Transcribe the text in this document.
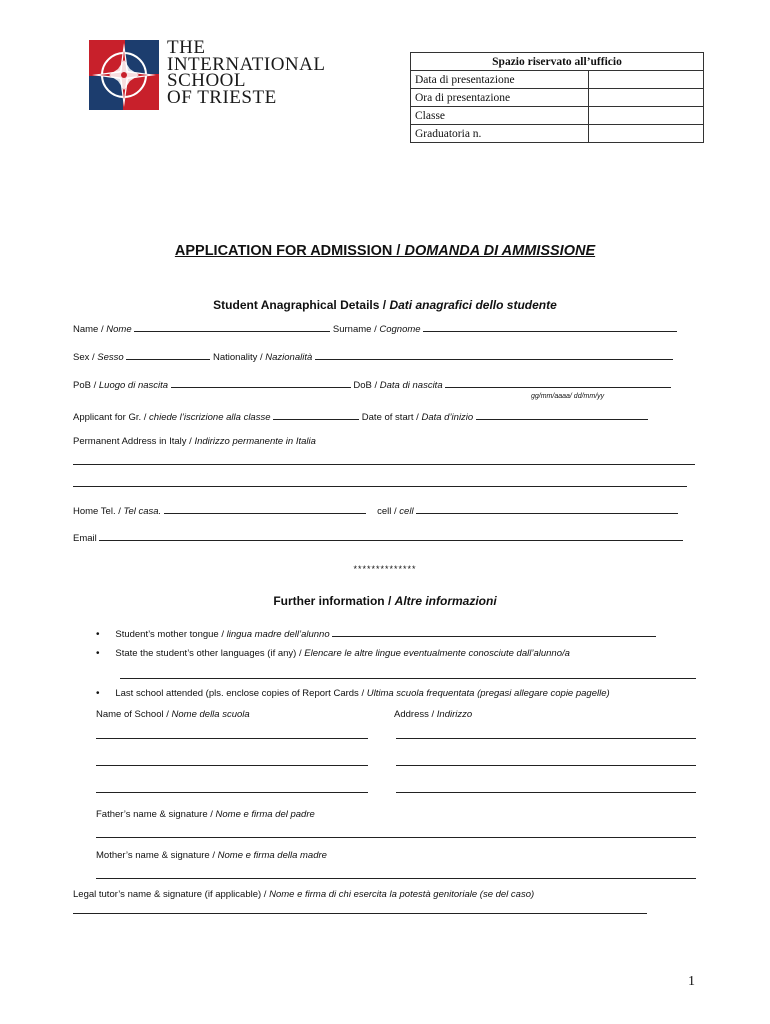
THE
INTERNATIONAL
SCHOOL
OF TRIESTE
Spazio riservato all’ufficio	
Data di presentazione	
Ora di presentazione	
Classe	
Graduatoria n.	
APPLICATION FOR ADMISSION / DOMANDA DI AMMISSIONE
Student Anagraphical Details / Dati anagrafici dello studente
Name / Nome	Surname / Cognome
Sex / Sesso	Nationality / Nazionalità
PoB / Luogo di nascita	DoB / Data di nascita
gg/mm/aaaa/ dd/mm/yy
Applicant for Gr. / chiede l’iscrizione alla classe	Date of start / Data d’inizio
Permanent Address in Italy / Indirizzo permanente in Italia
Home Tel. / Tel casa.	cell / cell
Email
**************
Further information / Altre informazioni
• Student’s mother tongue / lingua madre dell’alunno
• State the student’s other languages (if any) / Elencare le altre lingue eventualmente conosciute dall’alunno/a
• Last school attended (pls. enclose copies of Report Cards / Ultima scuola frequentata (pregasi allegare copie pagelle)
Name of School / Nome della scuola	Address / Indirizzo
Father’s name & signature / Nome e firma del padre
Mother’s name & signature / Nome e firma della madre
Legal tutor’s name & signature (if applicable) / Nome e firma di chi esercita la potestà genitoriale (se del caso)
1
